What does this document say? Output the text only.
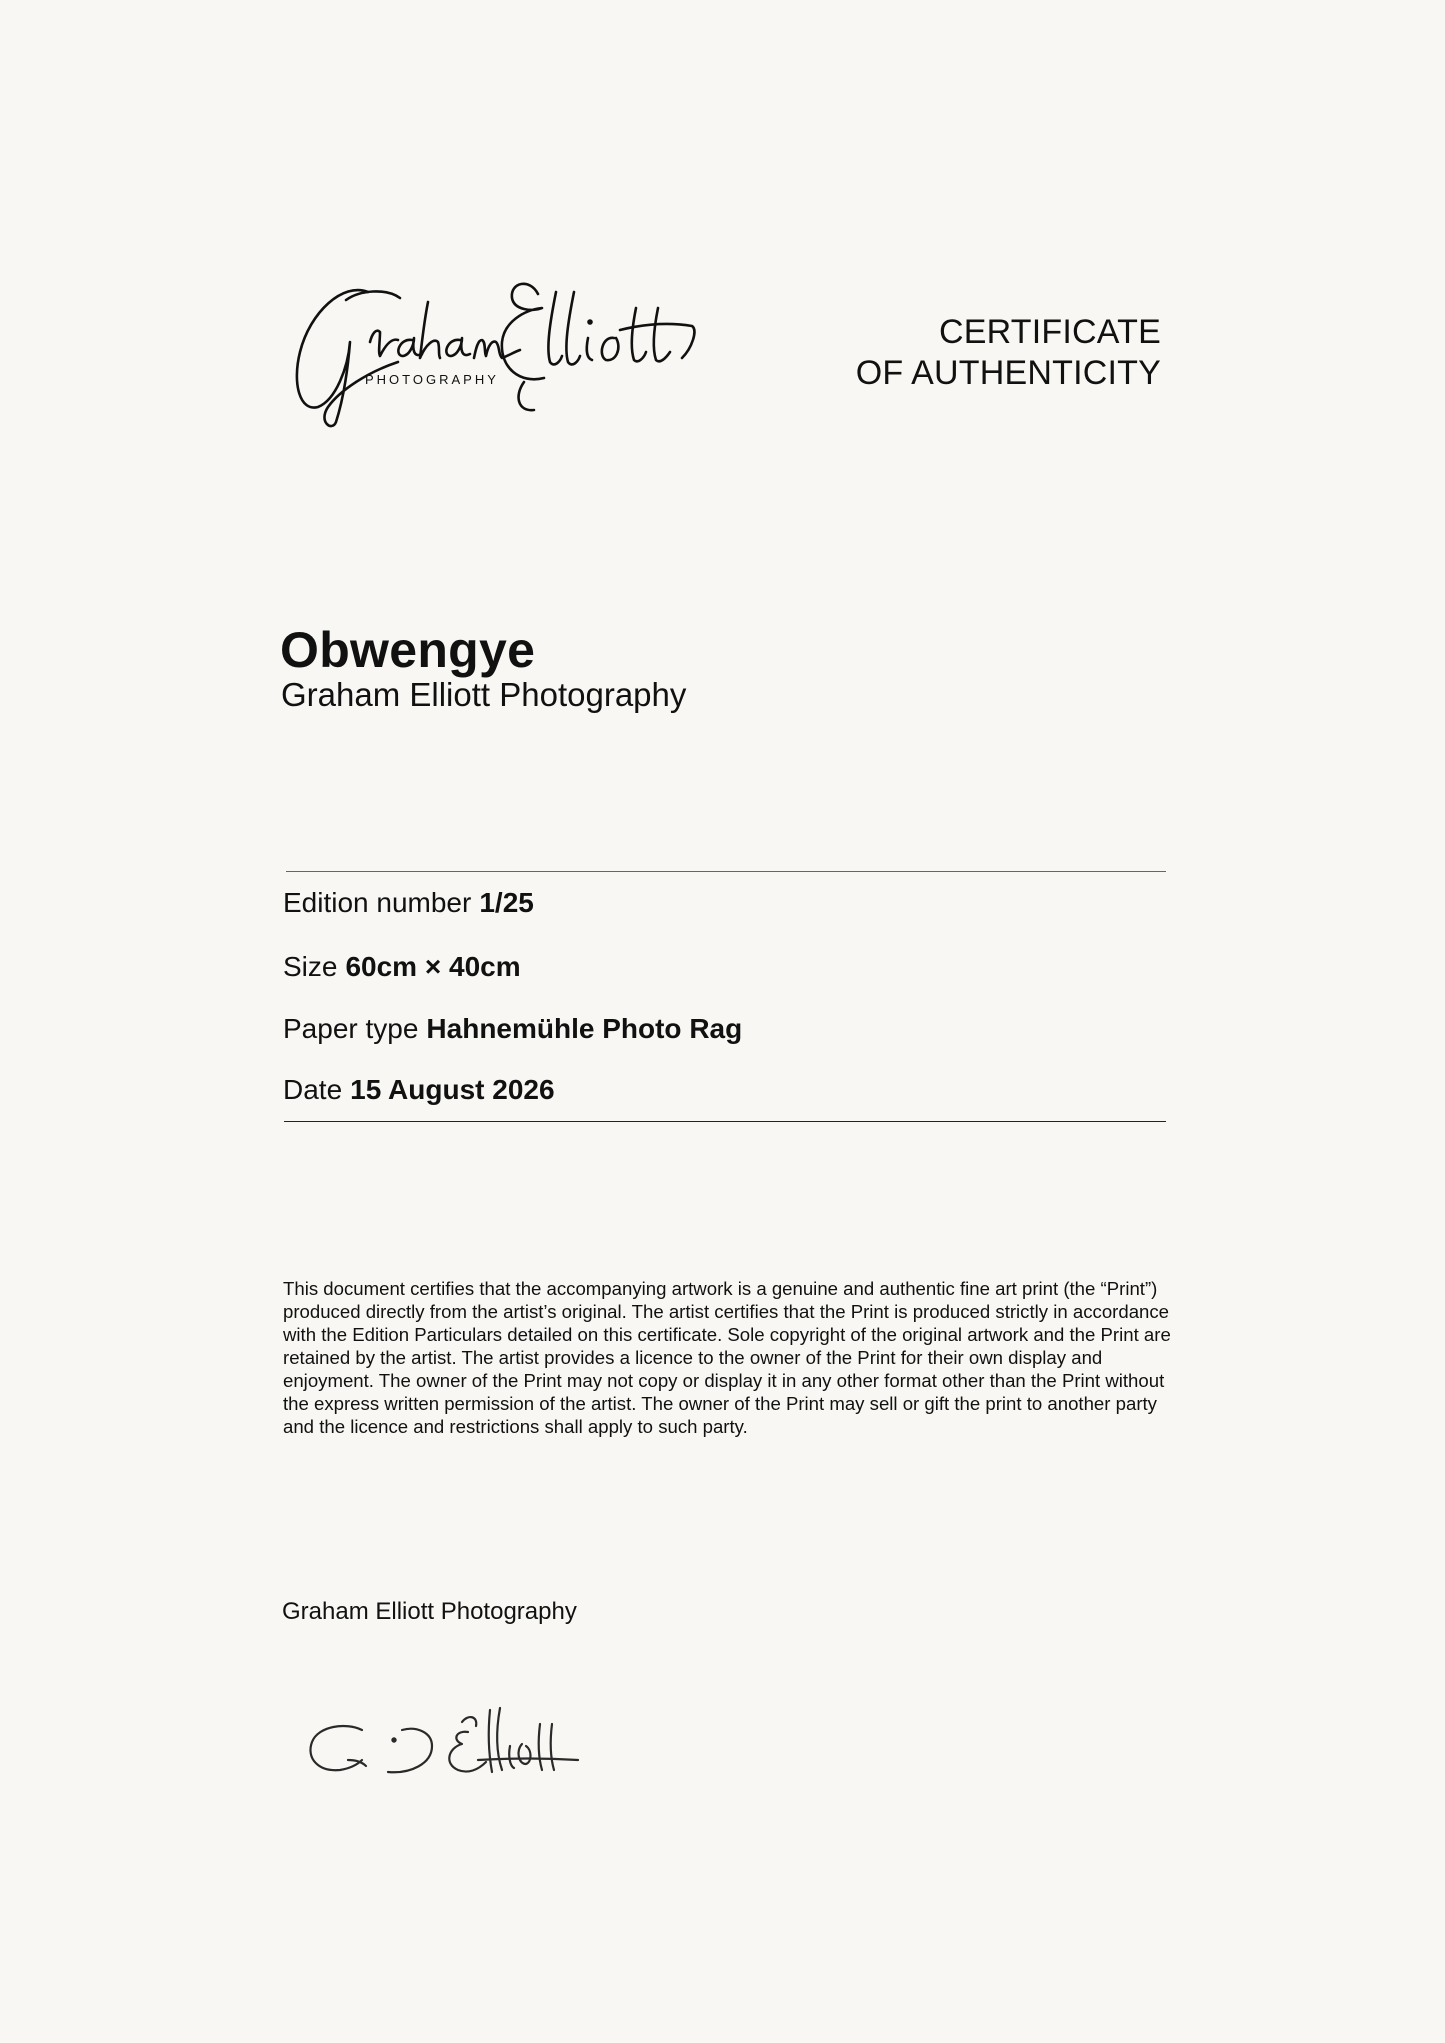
PHOTOGRAPHY
CERTIFICATE
OF AUTHENTICITY
Obwengye
Graham Elliott Photography
Edition number 1/25
Size 60cm × 40cm
Paper type Hahnemühle Photo Rag
Date 15 August 2026

This document certifies that the accompanying artwork is a genuine and authentic fine art print (the “Print”) produced directly from the artist’s original. The artist certifies that the Print is produced strictly in accordance with the Edition Particulars detailed on this certificate. Sole copyright of the original artwork and the Print are retained by the artist. The artist provides a licence to the owner of the Print for their own display and enjoyment. The owner of the Print may not copy or display it in any other format other than the Print without the express written permission of the artist. The owner of the Print may sell or gift the print to another party and the licence and restrictions shall apply to such party.

Graham Elliott Photography
